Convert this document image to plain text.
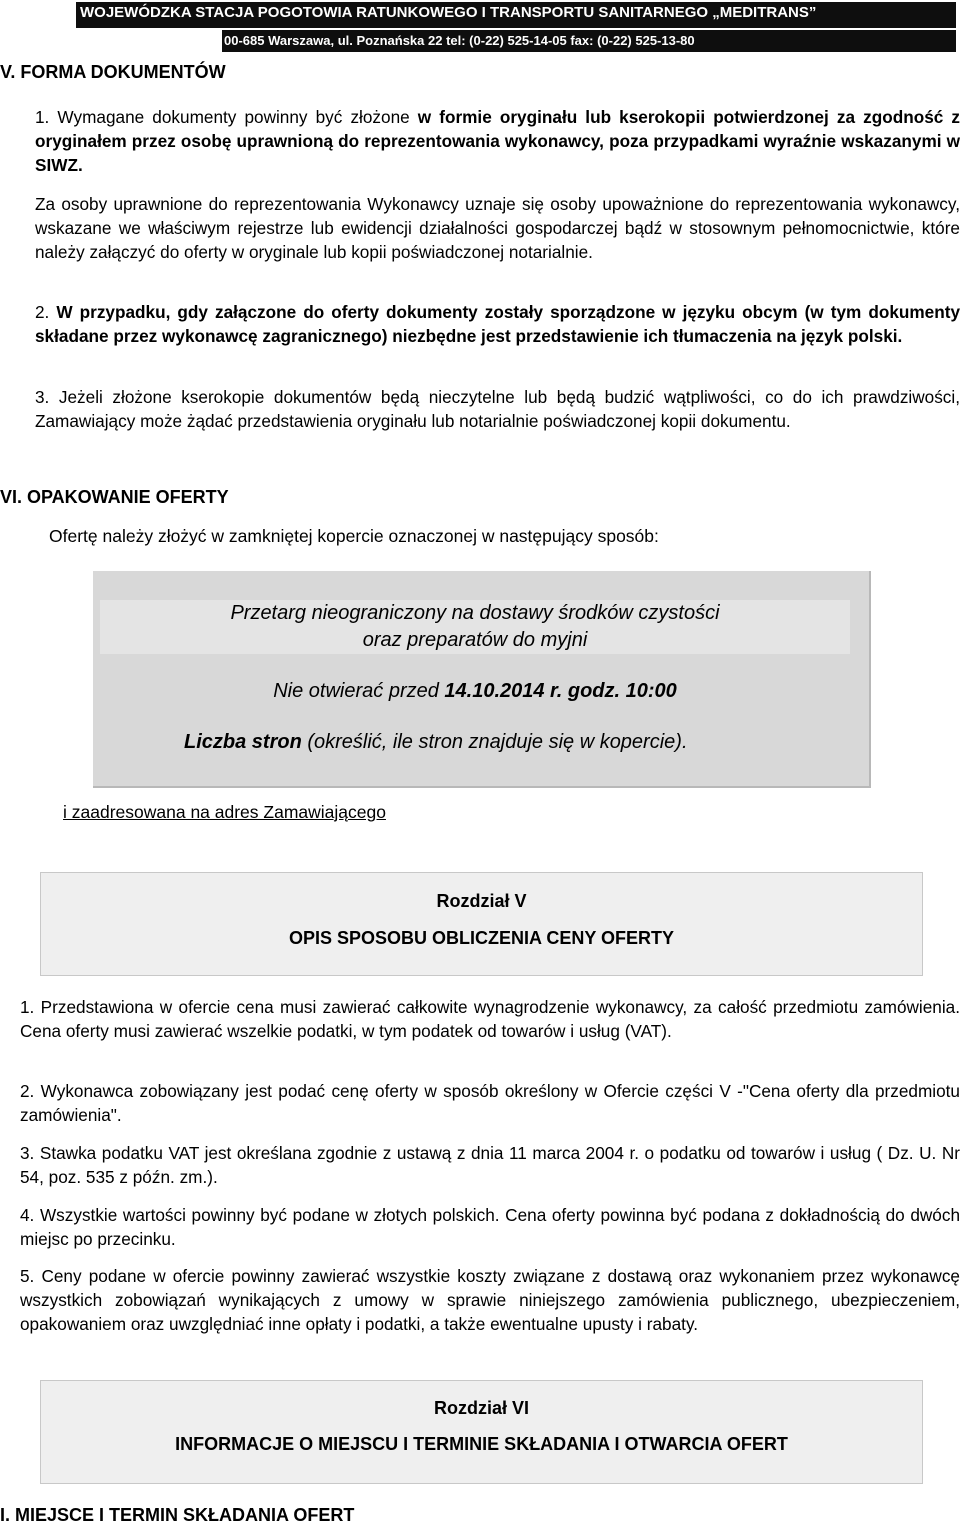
WOJEWÓDZKA STACJA POGOTOWIA RATUNKOWEGO I TRANSPORTU SANITARNEGO „MEDITRANS”
00-685 Warszawa, ul. Poznańska 22 tel: (0-22) 525-14-05 fax: (0-22) 525-13-80
V. FORMA DOKUMENTÓW

1. Wymagane dokumenty powinny być złożone w formie oryginału lub kserokopii potwierdzonej za zgodność z oryginałem przez osobę uprawnioną do reprezentowania wykonawcy, poza przypadkami wyraźnie wskazanymi w SIWZ.

Za osoby uprawnione do reprezentowania Wykonawcy uznaje się osoby upoważnione do reprezentowania wykonawcy, wskazane we właściwym rejestrze lub ewidencji działalności gospodarczej bądź w stosownym pełnomocnictwie, które należy załączyć do oferty w oryginale lub kopii poświadczonej notarialnie.

2. W przypadku, gdy załączone do oferty dokumenty zostały sporządzone w języku obcym (w tym dokumenty składane przez wykonawcę zagranicznego) niezbędne jest przedstawienie ich tłumaczenia na język polski.

3. Jeżeli złożone kserokopie dokumentów będą nieczytelne lub będą budzić wątpliwości, co do ich prawdziwości, Zamawiający może żądać przedstawienia oryginału lub notarialnie poświadczonej kopii dokumentu.
VI. OPAKOWANIE OFERTY
Ofertę należy złożyć w zamkniętej kopercie oznaczonej w następujący sposób:
Przetarg nieograniczony na dostawy środków czystości
oraz preparatów do myjni
Nie otwierać przed 14.10.2014 r. godz. 10:00
Liczba stron (określić, ile stron znajduje się w kopercie).
i zaadresowana na adres Zamawiającego
Rozdział V
OPIS SPOSOBU OBLICZENIA CENY OFERTY
1. Przedstawiona w ofercie cena musi zawierać całkowite wynagrodzenie wykonawcy, za całość przedmiotu zamówienia. Cena oferty musi zawierać wszelkie podatki, w tym podatek od towarów i usług (VAT).
2. Wykonawca zobowiązany jest podać cenę oferty w sposób określony w Ofercie części V -"Cena oferty dla przedmiotu zamówienia".
3. Stawka podatku VAT jest określana zgodnie z ustawą z dnia 11 marca 2004 r. o podatku od towarów i usług ( Dz. U. Nr 54, poz. 535 z późn. zm.).
4. Wszystkie wartości powinny być podane w złotych polskich. Cena oferty powinna być podana z dokładnością do dwóch miejsc po przecinku.
5. Ceny podane w ofercie powinny zawierać wszystkie koszty związane z dostawą oraz wykonaniem przez wykonawcę wszystkich zobowiązań wynikających z umowy w sprawie niniejszego zamówienia publicznego, ubezpieczeniem, opakowaniem oraz uwzględniać inne opłaty i podatki, a także ewentualne upusty i rabaty.
Rozdział VI
INFORMACJE O MIEJSCU I TERMINIE SKŁADANIA I OTWARCIA OFERT
I. MIEJSCE I TERMIN SKŁADANIA OFERT
